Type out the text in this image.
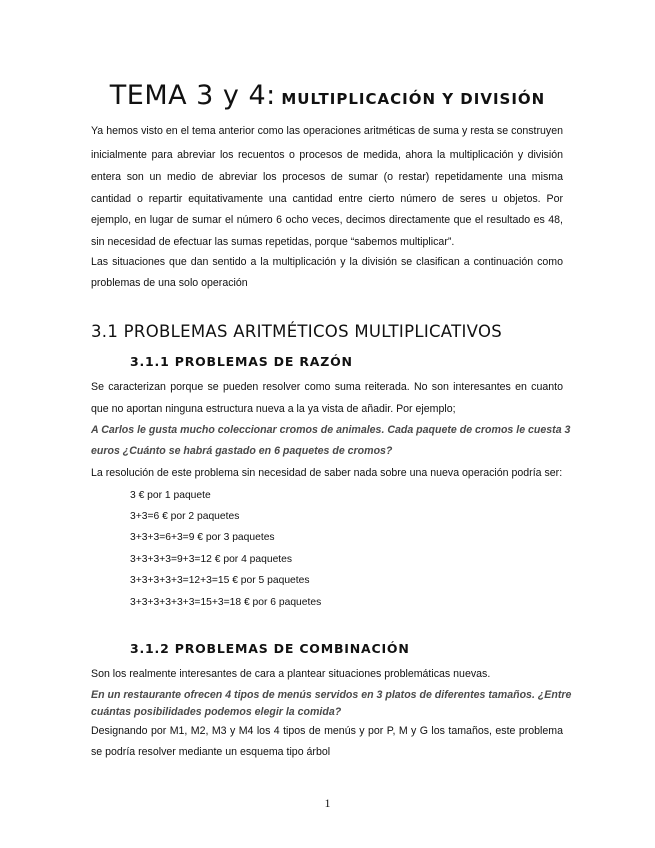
TEMA 3 y 4: MULTIPLICACIÓN Y DIVISIÓN
Ya hemos visto en el tema anterior como las operaciones aritméticas de suma y resta se construyen
inicialmente para abreviar los recuentos o procesos de medida, ahora la multiplicación y división
entera son un medio de abreviar los procesos de sumar (o restar) repetidamente una misma
cantidad o repartir equitativamente una cantidad entre cierto número de seres u objetos. Por
ejemplo, en lugar de sumar el número 6 ocho veces, decimos directamente que el resultado es 48,
sin necesidad de efectuar las sumas repetidas, porque “sabemos multiplicar”.
Las situaciones que dan sentido a la multiplicación y la división se clasifican a continuación como
problemas de una solo operación
3.1 PROBLEMAS ARITMÉTICOS MULTIPLICATIVOS
3.1.1 PROBLEMAS DE RAZÓN
Se caracterizan porque se pueden resolver como suma reiterada. No son interesantes en cuanto
que no aportan ninguna estructura nueva a la ya vista de añadir. Por ejemplo;
A Carlos le gusta mucho coleccionar cromos de animales. Cada paquete de cromos le cuesta 3
euros ¿Cuánto se habrá gastado en 6 paquetes de cromos?
La resolución de este problema sin necesidad de saber nada sobre una nueva operación podría ser:
3 € por 1 paquete
3+3=6 € por 2 paquetes
3+3+3=6+3=9 € por 3 paquetes
3+3+3+3=9+3=12 € por 4 paquetes
3+3+3+3+3=12+3=15 € por 5 paquetes
3+3+3+3+3+3=15+3=18 € por 6 paquetes
3.1.2 PROBLEMAS DE COMBINACIÓN
Son los realmente interesantes de cara a plantear situaciones problemáticas nuevas.
En un restaurante ofrecen 4 tipos de menús servidos en 3 platos de diferentes tamaños. ¿Entre
cuántas posibilidades podemos elegir la comida?
Designando por M1, M2, M3 y M4 los 4 tipos de menús y por P, M y G los tamaños, este problema
se podría resolver mediante un esquema tipo árbol
1
